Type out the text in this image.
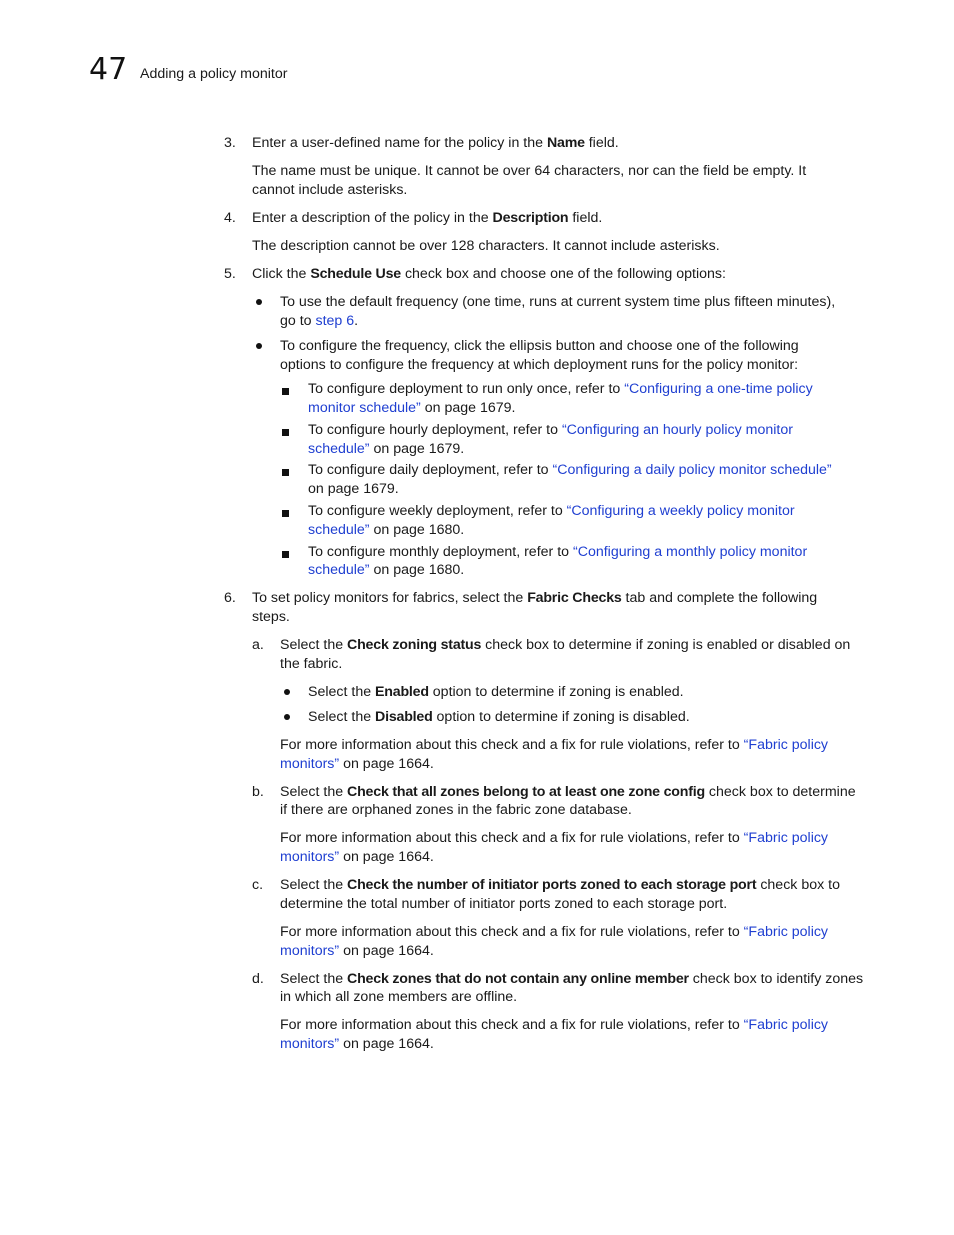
47 Adding a policy monitor
3. Enter a user-defined name for the policy in the Name field.
The name must be unique. It cannot be over 64 characters, nor can the field be empty. It
cannot include asterisks.
4. Enter a description of the policy in the Description field.
The description cannot be over 128 characters. It cannot include asterisks.
5. Click the Schedule Use check box and choose one of the following options:
To use the default frequency (one time, runs at current system time plus fifteen minutes),
go to step 6.
To configure the frequency, click the ellipsis button and choose one of the following
options to configure the frequency at which deployment runs for the policy monitor:
To configure deployment to run only once, refer to “Configuring a one-time policy
monitor schedule” on page 1679.
To configure hourly deployment, refer to “Configuring an hourly policy monitor
schedule” on page 1679.
To configure daily deployment, refer to “Configuring a daily policy monitor schedule”
on page 1679.
To configure weekly deployment, refer to “Configuring a weekly policy monitor
schedule” on page 1680.
To configure monthly deployment, refer to “Configuring a monthly policy monitor
schedule” on page 1680.
6. To set policy monitors for fabrics, select the Fabric Checks tab and complete the following
steps.
a. Select the Check zoning status check box to determine if zoning is enabled or disabled on
the fabric.
Select the Enabled option to determine if zoning is enabled.
Select the Disabled option to determine if zoning is disabled.
For more information about this check and a fix for rule violations, refer to “Fabric policy
monitors” on page 1664.
b. Select the Check that all zones belong to at least one zone config check box to determine
if there are orphaned zones in the fabric zone database.
For more information about this check and a fix for rule violations, refer to “Fabric policy
monitors” on page 1664.
c. Select the Check the number of initiator ports zoned to each storage port check box to
determine the total number of initiator ports zoned to each storage port.
For more information about this check and a fix for rule violations, refer to “Fabric policy
monitors” on page 1664.
d. Select the Check zones that do not contain any online member check box to identify zones
in which all zone members are offline.
For more information about this check and a fix for rule violations, refer to “Fabric policy
monitors” on page 1664.
